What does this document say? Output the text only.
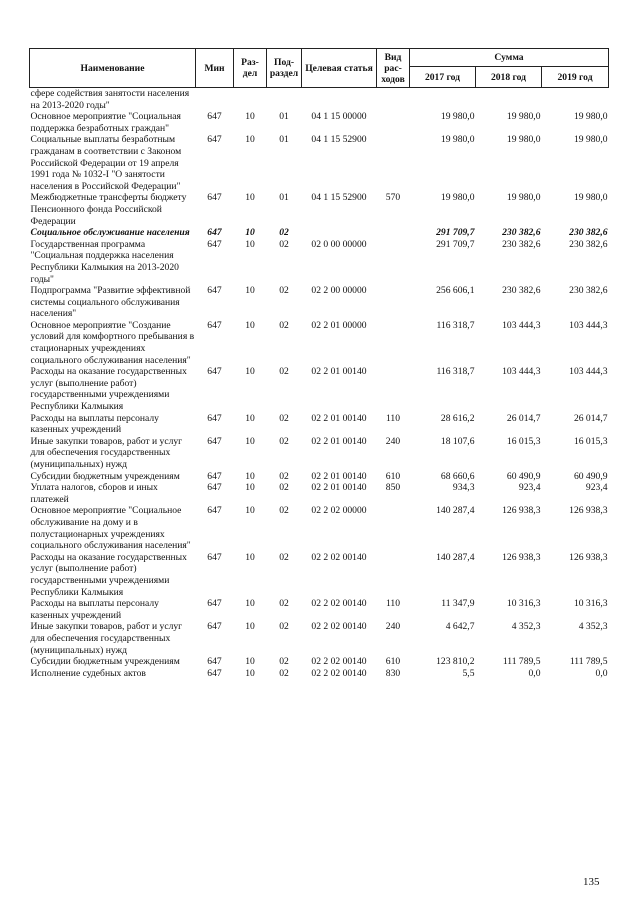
Наименование	Мин	Раз- дел	Под- раздел	Целевая статья	Вид рас- ходов	Сумма		
						2017 год	2018 год	2019 год
сфере содействия занятости населения на 2013-2020 годы"								
Основное мероприятие "Социальная поддержка безработных граждан"	647	10	01	04 1 15 00000		19 980,0	19 980,0	19 980,0
Социальные выплаты безработным гражданам в соответствии с Законом Российской Федерации от 19 апреля 1991 года № 1032-I "О занятости населения в Российской Федерации"	647	10	01	04 1 15 52900		19 980,0	19 980,0	19 980,0
Межбюджетные трансферты бюджету Пенсионного фонда Российской Федерации	647	10	01	04 1 15 52900	570	19 980,0	19 980,0	19 980,0
Социальное обслуживание населения	647	10	02			291 709,7	230 382,6	230 382,6
Государственная программа "Социальная поддержка населения Республики Калмыкия на 2013-2020 годы"	647	10	02	02 0 00 00000		291 709,7	230 382,6	230 382,6
Подпрограмма "Развитие эффективной системы социального обслуживания населения"	647	10	02	02 2 00 00000		256 606,1	230 382,6	230 382,6
Основное мероприятие "Создание условий для комфортного пребывания в стационарных учреждениях социального обслуживания населения"	647	10	02	02 2 01 00000		116 318,7	103 444,3	103 444,3
Расходы на оказание государственных услуг (выполнение работ) государственными учреждениями Республики Калмыкия	647	10	02	02 2 01 00140		116 318,7	103 444,3	103 444,3
Расходы на выплаты персоналу казенных учреждений	647	10	02	02 2 01 00140	110	28 616,2	26 014,7	26 014,7
Иные закупки товаров, работ и услуг для обеспечения государственных (муниципальных) нужд	647	10	02	02 2 01 00140	240	18 107,6	16 015,3	16 015,3
Субсидии бюджетным учреждениям	647	10	02	02 2 01 00140	610	68 660,6	60 490,9	60 490,9
Уплата налогов, сборов и иных платежей	647	10	02	02 2 01 00140	850	934,3	923,4	923,4
Основное мероприятие "Социальное обслуживание на дому и в полустационарных учреждениях социального обслуживания населения"	647	10	02	02 2 02 00000		140 287,4	126 938,3	126 938,3
Расходы на оказание государственных услуг (выполнение работ) государственными учреждениями Республики Калмыкия	647	10	02	02 2 02 00140		140 287,4	126 938,3	126 938,3
Расходы на выплаты персоналу казенных учреждений	647	10	02	02 2 02 00140	110	11 347,9	10 316,3	10 316,3
Иные закупки товаров, работ и услуг для обеспечения государственных (муниципальных) нужд	647	10	02	02 2 02 00140	240	4 642,7	4 352,3	4 352,3
Субсидии бюджетным учреждениям	647	10	02	02 2 02 00140	610	123 810,2	111 789,5	111 789,5
Исполнение судебных актов	647	10	02	02 2 02 00140	830	5,5	0,0	0,0
135
